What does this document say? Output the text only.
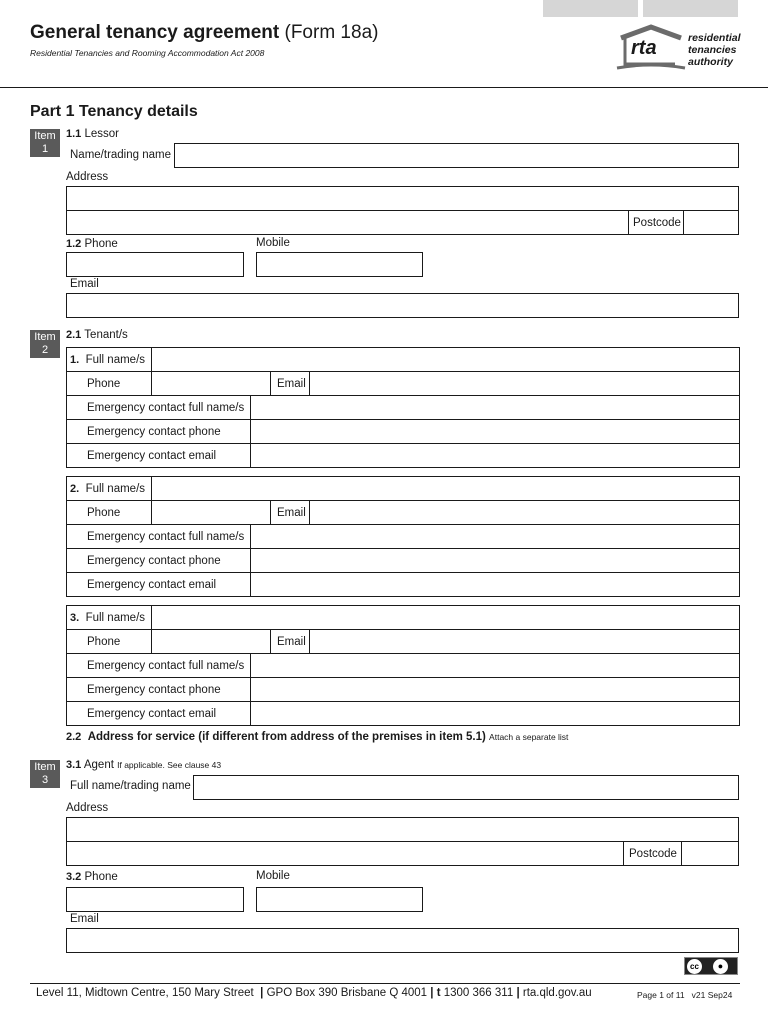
General tenancy agreement (Form 18a)
Residential Tenancies and Rooming Accommodation Act 2008	rta	residential
tenancies
authority
Part 1 Tenancy details
Item
1
1.1 Lessor
Name/trading name
Address
Postcode
1.2 Phone	Mobile
Email
Item
2
2.1 Tenant/s
1.
Full name/s
Phone	Email
Emergency contact full name/s
Emergency contact phone
Emergency contact email
2.
Full name/s
Phone	Email
Emergency contact full name/s
Emergency contact phone
Emergency contact email
3.
Full name/s
Phone	Email
Emergency contact full name/s
Emergency contact phone
Emergency contact email
2.2 Address for service (if different from address of the premises in item 5.1) Attach a separate list
Item
3
3.1 Agent If applicable. See clause 43
Full name/trading name
Address
Postcode
3.2 Phone	Mobile
Email
cc	●
Level 11, Midtown Centre, 150 Mary Street  | GPO Box 390 Brisbane Q 4001 | t 1300 366 311 | rta.qld.gov.au	Page 1 of 11 v21 Sep24
